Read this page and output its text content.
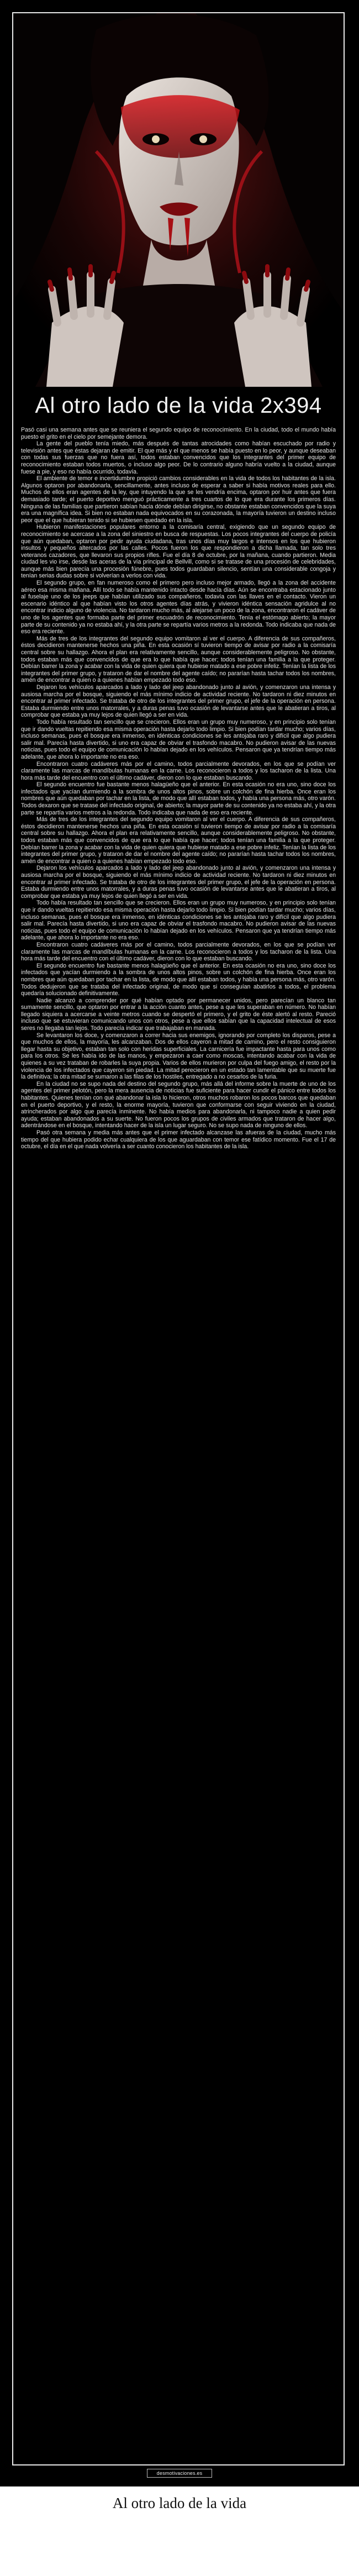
Al otro lado de la vida 2x394

Pasó casi una semana antes que se reuniera el segundo equipo de reconocimiento. En la ciudad, todo el mundo había puesto el grito en el cielo por semejante demora.

La gente del pueblo tenía miedo, más después de tantas atrocidades como habían escuchado por radio y televisión antes que éstas dejaran de emitir. El que más y el que menos se había puesto en lo peor, y aunque deseaban con todas sus fuerzas que no fuera así, todos estaban convencidos que los integrantes del primer equipo de reconocimiento estaban todos muertos, o incluso algo peor. De lo contrario alguno habría vuelto a la ciudad, aunque fuese a pie, y eso no había ocurrido, todavía.

El ambiente de temor e incertidumbre propició cambios considerables en la vida de todos los habitantes de la isla. Algunos optaron por abandonarla, sencillamente, antes incluso de esperar a saber si había motivos reales para ello. Muchos de ellos eran agentes de la ley, que intuyendo la que se les vendría encima, optaron por huir antes que fuera demasiado tarde; el puerto deportivo menguó prácticamente a tres cuartos de lo que era durante los primeros días. Ninguna de las familias que partieron sabían hacia dónde debían dirigirse, no obstante estaban convencidos que la suya era una magnífica idea. Si bien no estaban nada equivocados en su corazonada, la mayoría tuvieron un destino incluso peor que el que hubieran tenido si se hubiesen quedado en la isla.

Hubieron manifestaciones populares entorno a la comisaría central, exigiendo que un segundo equipo de reconocimiento se acercase a la zona del siniestro en busca de respuestas. Los pocos integrantes del cuerpo de policía que aún quedaban, optaron por pedir ayuda ciudadana, tras unos días muy largos e intensos en los que hubieron insultos y pequeños altercados por las calles. Pocos fueron los que respondieron a dicha llamada, tan solo tres veteranos cazadores, que llevaron sus propios rifles. Fue el día 8 de octubre, por la mañana, cuando partieron. Media ciudad les vio irse, desde las aceras de la vía principal de Bellvill, como si se tratase de una procesión de celebridades, aunque más bien parecía una procesión fúnebre, pues todos guardaban silencio, sentían una considerable congoja y tenían serias dudas sobre si volverían a verlos con vida.

El segundo grupo, en fan numeroso como el primero pero incluso mejor armado, llegó a la zona del accidente aéreo esa misma mañana. Allí todo se había mantenido intacto desde hacía días. Aún se encontraba estacionado junto al fuselaje uno de los jeeps que habían utilizado sus compañeros, todavía con las llaves en el contacto. Vieron un escenario idéntico al que habían visto los otros agentes días atrás, y vivieron idéntica sensación agridulce al no encontrar indicio alguno de violencia. No tardaron mucho más, al alejarse un poco de la zona, encontraron el cadáver de uno de los agentes que formaba parte del primer escuadrón de reconocimiento. Tenía el estómago abierto; la mayor parte de su contenido ya no estaba ahí, y la otra parte se repartía varios metros a la redonda. Todo indicaba que nada de eso era reciente.

Más de tres de los integrantes del segundo equipo vomitaron al ver el cuerpo. A diferencia de sus compañeros, éstos decidieron mantenerse hechos una piña. En esta ocasión sí tuvieron tiempo de avisar por radio a la comisaría central sobre su hallazgo. Ahora el plan era relativamente sencillo, aunque considerablemente peligroso. No obstante, todos estaban más que convencidos de que era lo que había que hacer; todos tenían una familia a la que proteger. Debían barrer la zona y acabar con la vida de quien quiera que hubiese matado a ese pobre infeliz. Tenían la lista de los integrantes del primer grupo, y trataron de dar el nombre del agente caído; no pararían hasta tachar todos los nombres, amén de encontrar a quien o a quienes habían empezado todo eso.

Dejaron los vehículos aparcados a lado y lado del jeep abandonado junto al avión, y comenzaron una intensa y ausiosa marcha por el bosque, siguiendo el más mínimo indicio de actividad reciente. No tardaron ni diez minutos en encontrar al primer infectado. Se trataba de otro de los integrantes del primer grupo, el jefe de la operación en persona. Estaba durmiendo entre unos matorrales, y a duras penas tuvo ocasión de levantarse antes que le abatieran a tiros, al comprobar que estaba ya muy lejos de quien llegó a ser en vida.

Todo había resultado tan sencillo que se crecieron. Ellos eran un grupo muy numeroso, y en principio solo tenían que ir dando vueltas repitiendo esa misma operación hasta dejarlo todo limpio. Si bien podían tardar mucho; varios días, incluso semanas, pues el bosque era inmenso, en idénticas condiciones se les antojaba raro y difícil que algo pudiera salir mal. Parecía hasta divertido, si uno era capaz de obviar el trasfondo macabro. No pudieron avisar de las nuevas noticias, pues todo el equipo de comunicación lo habían dejado en los vehículos. Pensaron que ya tendrían tiempo más adelante, que ahora lo importante no era eso.

Encontraron cuatro cadáveres más por el camino, todos parcialmente devorados, en los que se podían ver claramente las marcas de mandíbulas humanas en la carne. Los reconocieron a todos y los tacharon de la lista. Una hora más tarde del encuentro con el último cadáver, dieron con lo que estaban buscando.

El segundo encuentro fue bastante menos halagüeño que el anterior. En esta ocasión no era uno, sino doce los infectados que yacían durmiendo a la sombra de unos altos pinos, sobre un colchón de fina hierba. Once eran los nombres que aún quedaban por tachar en la lista, de modo que allí estaban todos, y había una persona más, otro varón. Todos dexaron que se tratase del infectado original, de abierto; la mayor parte de su contenido ya no estaba ahí, y la otra parte se repartía varios metros a la redonda. Todo indicaba que nada de eso era reciente.

Más de tres de los integrantes del segundo equipo vomitaron al ver el cuerpo. A diferencia de sus compañeros, éstos decidieron mantenerse hechos una piña. En esta ocasión sí tuvieron tiempo de avisar por radio a la comisaría central sobre su hallazgo. Ahora el plan era relativamente sencillo, aunque considerablemente peligroso. No obstante, todos estaban más que convencidos de que era lo que había que hacer; todos tenían una familia a la que proteger. Debían barrer la zona y acabar con la vida de quien quiera que hubiese matado a ese pobre infeliz. Tenían la lista de los integrantes del primer grupo, y trataron de dar el nombre del agente caído; no pararían hasta tachar todos los nombres, amén de encontrar a quien o a quienes habían empezado todo eso.

Dejaron los vehículos aparcados a lado y lado del jeep abandonado junto al avión, y comenzaron una intensa y ausiosa marcha por el bosque, siguiendo el más mínimo indicio de actividad reciente. No tardaron ni diez minutos en encontrar al primer infectado. Se trataba de otro de los integrantes del primer grupo, el jefe de la operación en persona. Estaba durmiendo entre unos matorrales, y a duras penas tuvo ocasión de levantarse antes que le abatieran a tiros, al comprobar que estaba ya muy lejos de quien llegó a ser en vida.

Todo había resultado tan sencillo que se crecieron. Ellos eran un grupo muy numeroso, y en principio solo tenían que ir dando vueltas repitiendo esa misma operación hasta dejarlo todo limpio. Si bien podían tardar mucho; varios días, incluso semanas, pues el bosque era inmenso, en idénticas condiciones se les antojaba raro y difícil que algo pudiera salir mal. Parecía hasta divertido, si uno era capaz de obviar el trasfondo macabro. No pudieron avisar de las nuevas noticias, pues todo el equipo de comunicación lo habían dejado en los vehículos. Pensaron que ya tendrían tiempo más adelante, que ahora lo importante no era eso.

Encontraron cuatro cadáveres más por el camino, todos parcialmente devorados, en los que se podían ver claramente las marcas de mandíbulas humanas en la carne. Los reconocieron a todos y los tacharon de la lista. Una hora más tarde del encuentro con el último cadáver, dieron con lo que estaban buscando.

El segundo encuentro fue bastante menos halagüeño que el anterior. En esta ocasión no era uno, sino doce los infectados que yacían durmiendo a la sombra de unos altos pinos, sobre un colchón de fina hierba. Once eran los nombres que aún quedaban por tachar en la lista, de modo que allí estaban todos, y había una persona más, otro varón. Todos dedujeron que se trataba del infectado original, de modo que si conseguían abatirlos a todos, el problema quedaría solucionado definitivamente.

Nadie alcanzó a comprender por qué habían optado por permanecer unidos, pero parecían un blanco tan sumamente sencillo, que optaron por entrar a la acción cuanto antes, pese a que les superaban en número. No habían llegado siquiera a acercarse a veinte metros cuando se despertó el primero, y el grito de éste alertó al resto. Pareció incluso que se estuvieran comunicando unos con otros, pese a que ellos sabían que la capacidad intelectual de esos seres no llegaba tan lejos. Todo parecía indicar que trabajaban en manada.

Se levantaron los doce, y comenzaron a correr hacia sus enemigos, ignorando por completo los disparos, pese a que muchos de ellos, la mayoría, les alcanzaban. Dos de ellos cayeron a mitad de camino, pero el resto consiguieron llegar hasta su objetivo, estaban tan solo con heridas superficiales. La carnicería fue impactante hasta para unos como para los otros. Se les había ido de las manos, y empezaron a caer como moscas, intentando acabar con la vida de quienes a su vez trataban de robarles la suya propia. Varios de ellos murieron por culpa del fuego amigo, el resto por la violencia de los infectados que cayeron sin piedad. La mitad perecieron en un estado tan lamentable que su muerte fue la definitiva; la otra mitad se sumaron a las filas de los hostiles, entregado a no cesarlos de la furia.

En la ciudad no se supo nada del destino del segundo grupo, más allá del informe sobre la muerte de uno de los agentes del primer pelotón, pero la mera ausencia de noticias fue suficiente para hacer cundir el pánico entre todos los habitantes. Quienes tenían con qué abandonar la isla lo hicieron, otros muchos robaron los pocos barcos que quedaban en el puerto deportivo, y el resto, la enorme mayoría, tuvieron que conformarse con seguir viviendo en la ciudad, atrincherados por algo que parecía inminente. No había medios para abandonarla, ni tampoco nadie a quien pedir ayuda; estaban abandonados a su suerte. No fueron pocos los grupos de civiles armados que trataron de hacer algo, adentrándose en el bosque, intentando hacer de la isla un lugar seguro. No se supo nada de ninguno de ellos.

Pasó otra semana y media más antes que el primer infectado alcanzase las afueras de la ciudad, mucho más tiempo del que hubiera podido echar cualquiera de los que aguardaban con temor ese fatídico momento. Fue el 17 de octubre, el día en el que nada volvería a ser cuanto conocieron los habitantes de la isla.

desmotivaciones.es
Al otro lado de la vida
